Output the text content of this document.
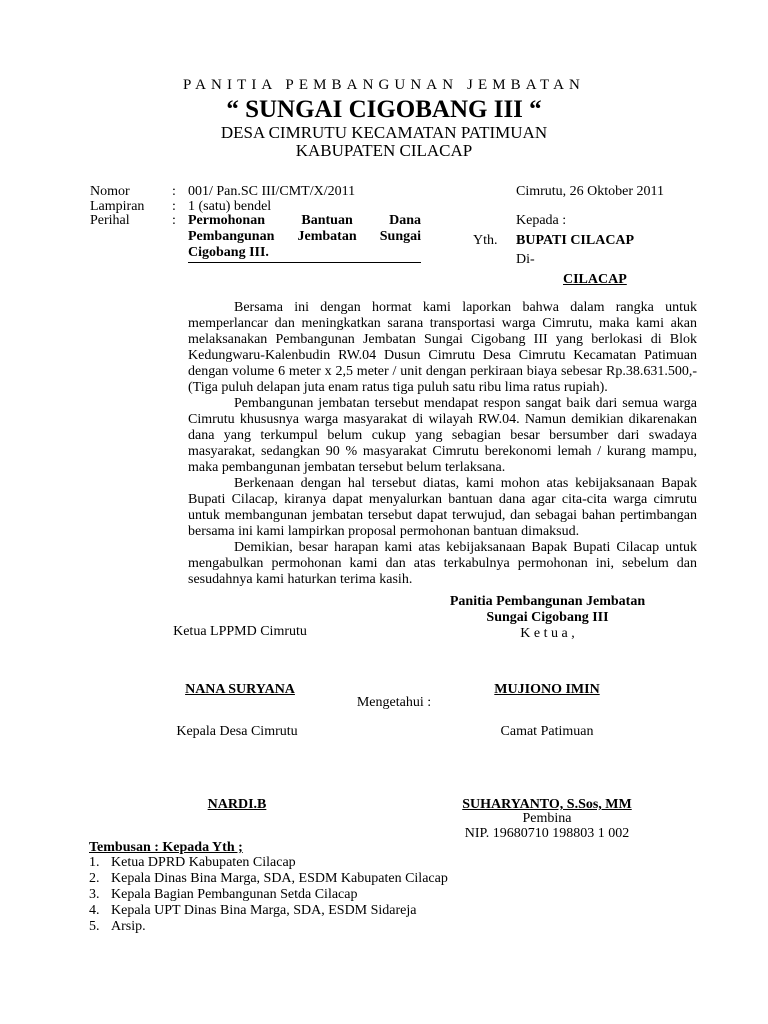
PANITIA PEMBANGUNAN JEMBATAN
“ SUNGAI CIGOBANG III “
DESA CIMRUTU KECAMATAN PATIMUAN
KABUPATEN CILACAP
Nomor	: 001/ Pan.SC III/CMT/X/2011
Lampiran : 1 (satu) bendel
Perihal	: Permohonan Bantuan Dana
Pembangunan Jembatan Sungai
Cigobang III.
Cimrutu, 26 Oktober 2011
Kepada :
Yth. BUPATI CILACAP
Di-
CILACAP

Bersama ini dengan hormat kami laporkan bahwa dalam rangka untuk memperlancar dan meningkatkan sarana transportasi warga Cimrutu, maka kami akan melaksanakan Pembangunan Jembatan Sungai Cigobang III yang berlokasi di Blok Kedungwaru-Kalenbudin RW.04 Dusun Cimrutu Desa Cimrutu Kecamatan Patimuan dengan volume 6 meter x 2,5 meter / unit dengan perkiraan biaya sebesar Rp.38.631.500,- (Tiga puluh delapan juta enam ratus tiga puluh satu ribu lima ratus rupiah).

Pembangunan jembatan tersebut mendapat respon sangat baik dari semua warga Cimrutu khususnya warga masyarakat di wilayah RW.04. Namun demikian dikarenakan dana yang terkumpul belum cukup yang sebagian besar bersumber dari swadaya masyarakat, sedangkan 90 % masyarakat Cimrutu berekonomi lemah / kurang mampu, maka pembangunan jembatan tersebut belum terlaksana.

Berkenaan dengan hal tersebut diatas, kami mohon atas kebijaksanaan Bapak Bupati Cilacap, kiranya dapat menyalurkan bantuan dana agar cita-cita warga cimrutu untuk membangunan jembatan tersebut dapat terwujud, dan sebagai bahan pertimbangan bersama ini kami lampirkan proposal permohonan bantuan dimaksud.

Demikian, besar harapan kami atas kebijaksanaan Bapak Bupati Cilacap untuk mengabulkan permohonan kami dan atas terkabulnya permohonan ini, sebelum dan sesudahnya kami haturkan terima kasih.

Panitia Pembangunan Jembatan
Sungai Cigobang III
K e t u a ,
Ketua LPPMD Cimrutu
NANA SURYANA	MUJIONO IMIN
Mengetahui :
Kepala Desa Cimrutu	Camat Patimuan
NARDI.B	SUHARYANTO, S.Sos, MM
Pembina
NIP. 19680710 198803 1 002
Tembusan : Kepada Yth ;
1. Ketua DPRD Kabupaten Cilacap
2. Kepala Dinas Bina Marga, SDA, ESDM Kabupaten Cilacap
3. Kepala Bagian Pembangunan Setda Cilacap
4. Kepala UPT Dinas Bina Marga, SDA, ESDM Sidareja
5. Arsip.
